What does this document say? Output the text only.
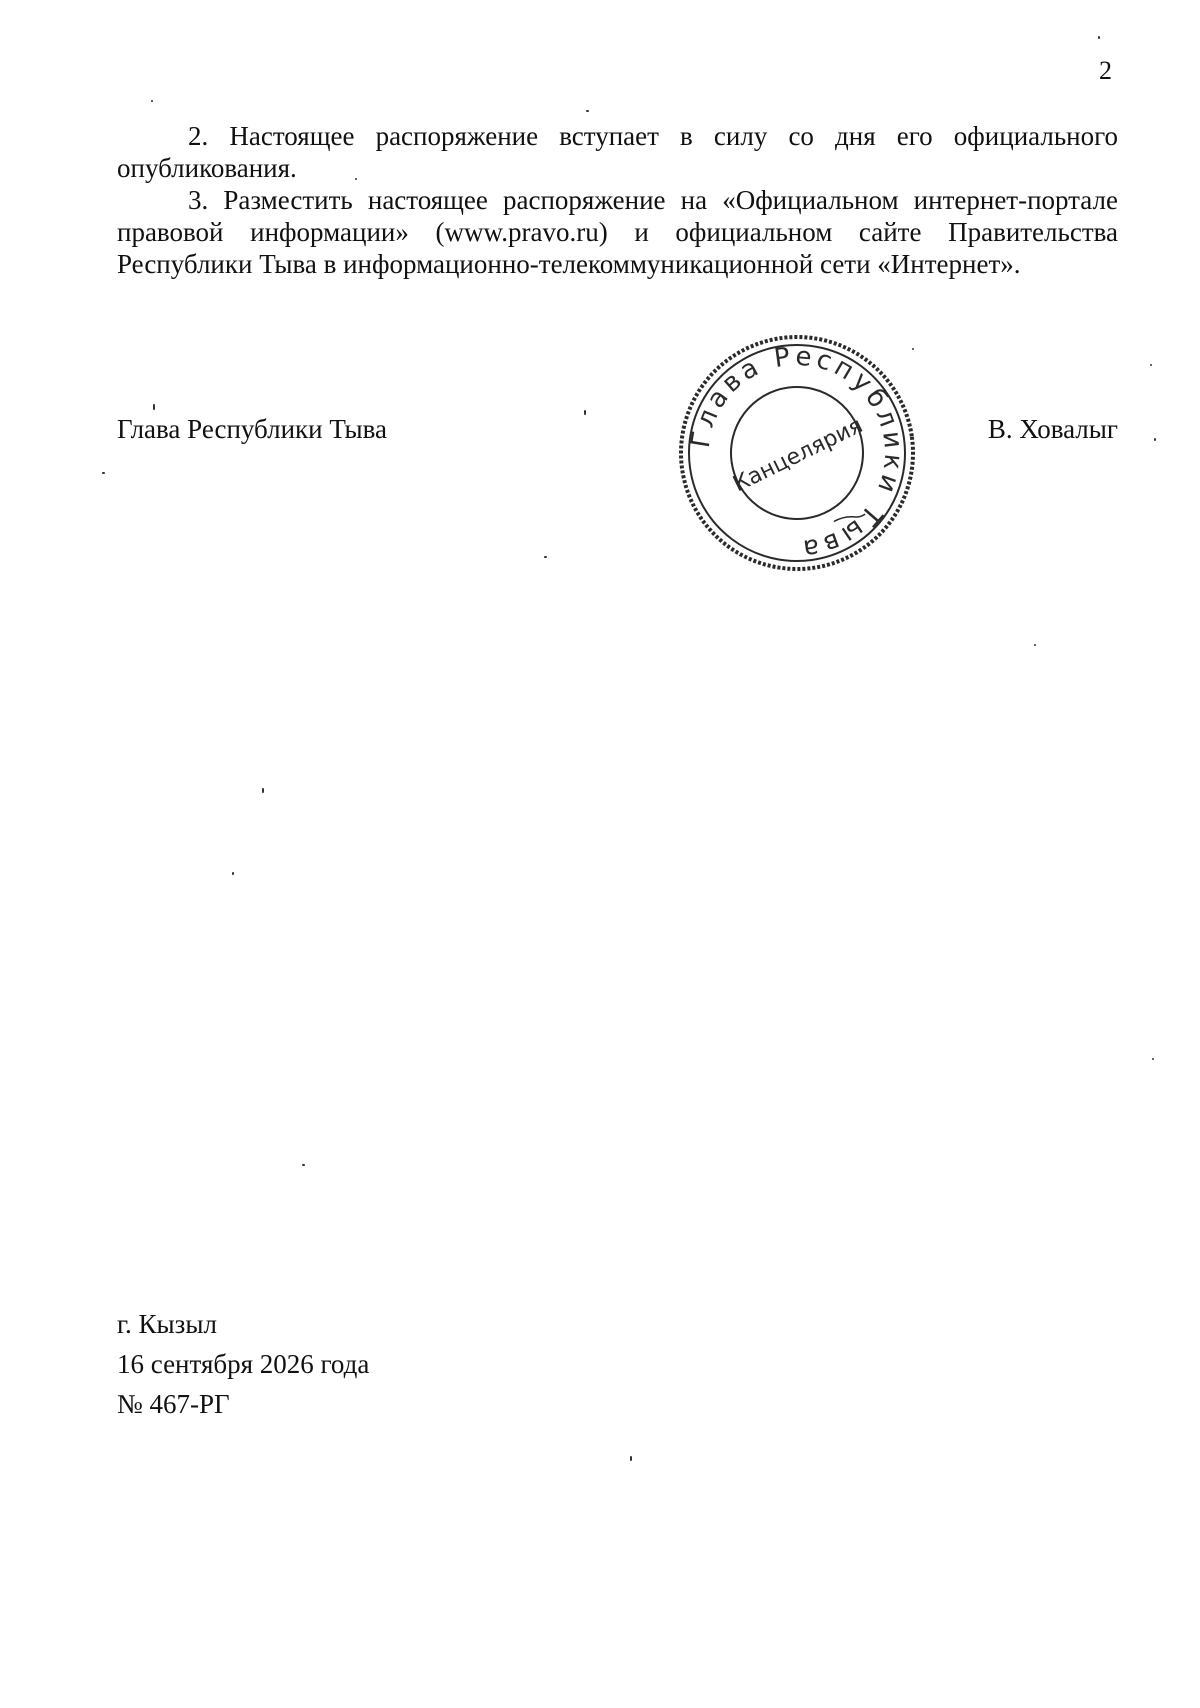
2

2. Настоящее распоряжение вступает в силу со дня его официального опубликования.

3. Разместить настоящее распоряжение на «Официальном интернет-портале правовой информации» (www.pravo.ru) и официальном сайте Правительства Республики Тыва в информационно-телекоммуникационной сети «Интернет».

Глава Республики Тыва	В. Ховалыг
Глава Республики Тыва
Канцелярия
г. Кызыл
16 сентября 2026 года
№ 467-РГ
